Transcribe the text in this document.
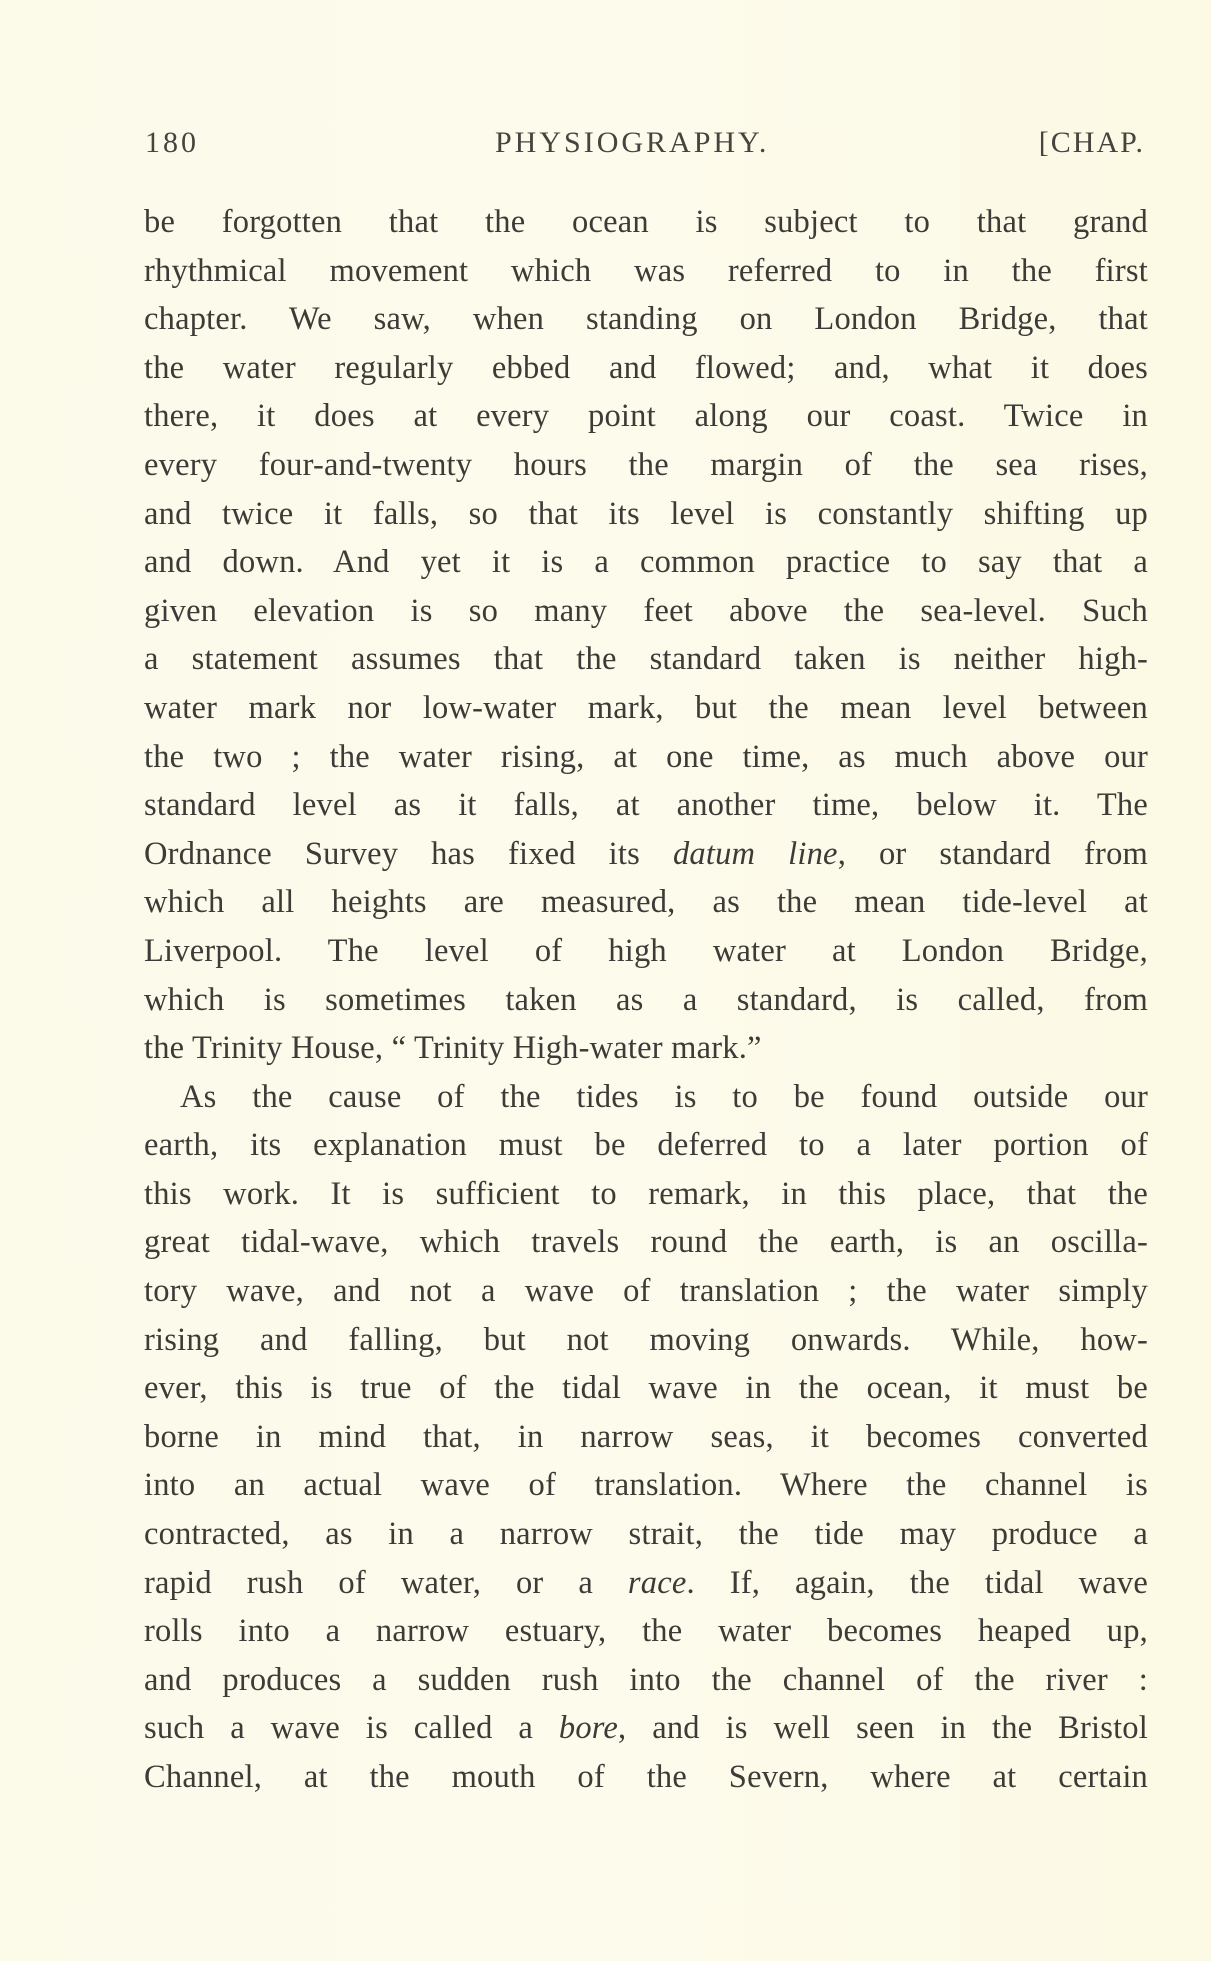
180	PHYSIOGRAPHY.	[CHAP.
be forgotten that the ocean is subject to that grand
rhythmical movement which was referred to in the first
chapter. We saw, when standing on London Bridge, that
the water regularly ebbed and flowed; and, what it does
there, it does at every point along our coast. Twice in
every four-and-twenty hours the margin of the sea rises,
and twice it falls, so that its level is constantly shifting up
and down. And yet it is a common practice to say that a
given elevation is so many feet above the sea-level. Such
a statement assumes that the standard taken is neither high-
water mark nor low-water mark, but the mean level between
the two ; the water rising, at one time, as much above our
standard level as it falls, at another time, below it. The
Ordnance Survey has fixed its datum line, or standard from
which all heights are measured, as the mean tide-level at
Liverpool. The level of high water at London Bridge,
which is sometimes taken as a standard, is called, from
the Trinity House, “ Trinity High-water mark.”
As the cause of the tides is to be found outside our
earth, its explanation must be deferred to a later portion of
this work. It is sufficient to remark, in this place, that the
great tidal-wave, which travels round the earth, is an oscilla-
tory wave, and not a wave of translation ; the water simply
rising and falling, but not moving onwards. While, how-
ever, this is true of the tidal wave in the ocean, it must be
borne in mind that, in narrow seas, it becomes converted
into an actual wave of translation. Where the channel is
contracted, as in a narrow strait, the tide may produce a
rapid rush of water, or a race. If, again, the tidal wave
rolls into a narrow estuary, the water becomes heaped up,
and produces a sudden rush into the channel of the river :
such a wave is called a bore, and is well seen in the Bristol
Channel, at the mouth of the Severn, where at certain
